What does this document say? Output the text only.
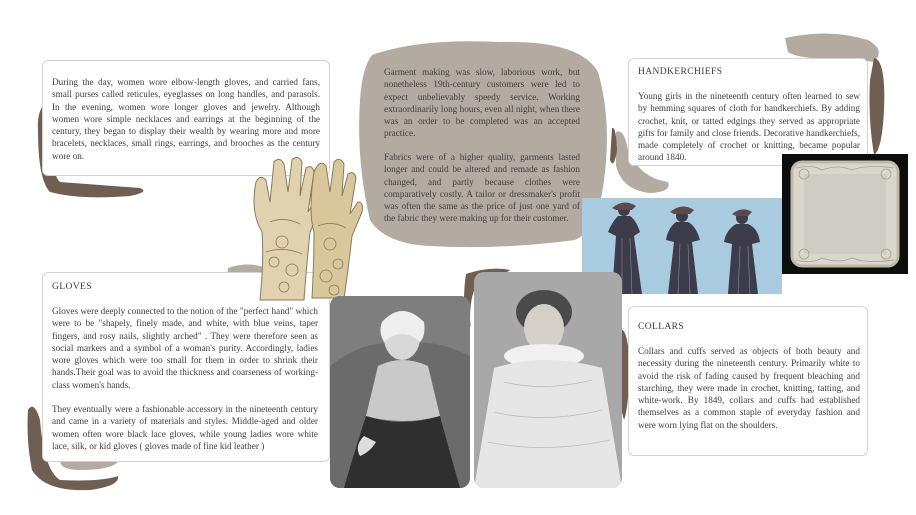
During the day, women wore elbow-length gloves, and carried fans, small purses called reticules, eyeglasses on long handles, and parasols. In the evening, women wore longer gloves and jewelry. Although women wore simple necklaces and earrings at the beginning of the century, they began to display their wealth by wearing more and more bracelets, necklaces, small rings, earrings, and brooches as the century wore on.
Garment making was slow, laborious work, but nonetheless 19th-century customers were led to expect unbelievably speedy service. Working extraordinarily long hours, even all night, when there was an order to be completed was an accepted practice.
Fabrics were of a higher quality, garments lasted longer and could be altered and remade as fashion changed, and partly because clothes were comparatively costly. A tailor or dressmaker's profit was often the same as the price of just one yard of the fabric they were making up for their customer.
HANDKERCHIEFS
Young girls in the nineteenth century often learned to sew by hemming squares of cloth for handkerchiefs. By adding crochet, knit, or tatted edgings they served as appropriate gifts for family and close friends. Decorative handkerchiefs, made completely of crochet or knitting, became popular around 1840.
GLOVES
Gloves were deeply connected to the notion of the "perfect hand" which were to be "shapely, finely made, and white, with blue veins, taper fingers, and rosy nails, slightly arched" . They were therefore seen as social markers and a symbol of a woman's purity. Accordingly, ladies wore gloves which were too small for them in order to shrink their hands.Their goal was to avoid the thickness and coarseness of working-class women's hands.
They eventually were a fashionable accessory in the nineteenth century and came in a variety of materials and styles. Middle-aged and older women often wore black lace gloves, while young ladies wore white lace, silk, or kid gloves ( gloves made of fine kid leather )
COLLARS
Collars and cuffs served as objects of both beauty and necessity during the nineteenth century. Primarily white to avoid the risk of fading caused by frequent bleaching and starching, they were made in crochet, knitting, tatting, and white-work. By 1849, collars and cuffs had established themselves as a common staple of everyday fashion and were worn lying flat on the shoulders.
